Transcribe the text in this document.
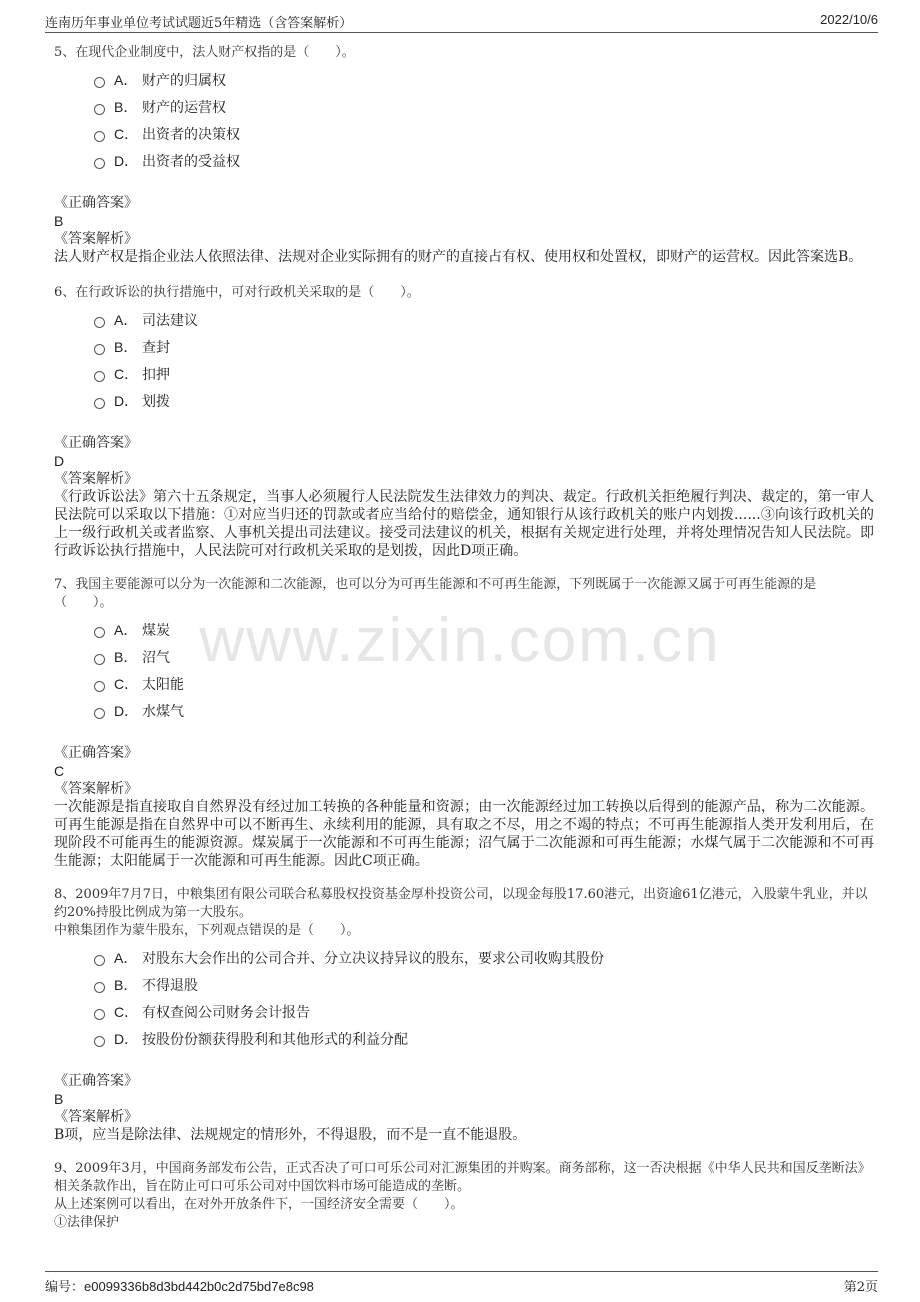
连南历年事业单位考试试题近5年精选（含答案解析）	2022/10/6
www.zixin.com.cn
5、在现代企业制度中，法人财产权指的是（　　）。
A． 财产的归属权
B． 财产的运营权
C． 出资者的决策权
D． 出资者的受益权
《正确答案》
B
《答案解析》
法人财产权是指企业法人依照法律、法规对企业实际拥有的财产的直接占有权、使用权和处置权，即财产的运营权。因此答案选B。
6、在行政诉讼的执行措施中，可对行政机关采取的是（　　）。
A． 司法建议
B． 查封
C． 扣押
D． 划拨
《正确答案》
D
《答案解析》
《行政诉讼法》第六十五条规定，当事人必须履行人民法院发生法律效力的判决、裁定。行政机关拒绝履行判决、裁定的，第一审人民法院可以采取以下措施：①对应当归还的罚款或者应当给付的赔偿金，通知银行从该行政机关的账户内划拨......③向该行政机关的上一级行政机关或者监察、人事机关提出司法建议。接受司法建议的机关，根据有关规定进行处理，并将处理情况告知人民法院。即行政诉讼执行措施中，人民法院可对行政机关采取的是划拨，因此D项正确。
7、我国主要能源可以分为一次能源和二次能源，也可以分为可再生能源和不可再生能源，下列既属于一次能源又属于可再生能源的是（　　）。
A． 煤炭
B． 沼气
C． 太阳能
D． 水煤气
《正确答案》
C
《答案解析》
一次能源是指直接取自自然界没有经过加工转换的各种能量和资源；由一次能源经过加工转换以后得到的能源产品，称为二次能源。可再生能源是指在自然界中可以不断再生、永续利用的能源，具有取之不尽，用之不竭的特点；不可再生能源指人类开发利用后，在现阶段不可能再生的能源资源。煤炭属于一次能源和不可再生能源；沼气属于二次能源和可再生能源；水煤气属于二次能源和不可再生能源；太阳能属于一次能源和可再生能源。因此C项正确。
8、2009年7月7日，中粮集团有限公司联合私募股权投资基金厚朴投资公司，以现金每股17.60港元，出资逾61亿港元，入股蒙牛乳业，并以约20%持股比例成为第一大股东。
中粮集团作为蒙牛股东，下列观点错误的是（　　）。
A． 对股东大会作出的公司合并、分立决议持异议的股东，要求公司收购其股份
B． 不得退股
C． 有权查阅公司财务会计报告
D． 按股份份额获得股利和其他形式的利益分配
《正确答案》
B
《答案解析》
B项，应当是除法律、法规规定的情形外，不得退股，而不是一直不能退股。
9、2009年3月，中国商务部发布公告，正式否决了可口可乐公司对汇源集团的并购案。商务部称，这一否决根据《中华人民共和国反垄断法》相关条款作出，旨在防止可口可乐公司对中国饮料市场可能造成的垄断。
从上述案例可以看出，在对外开放条件下，一国经济安全需要（　　）。
①法律保护
编号：e0099336b8d3bd442b0c2d75bd7e8c98	第2页
